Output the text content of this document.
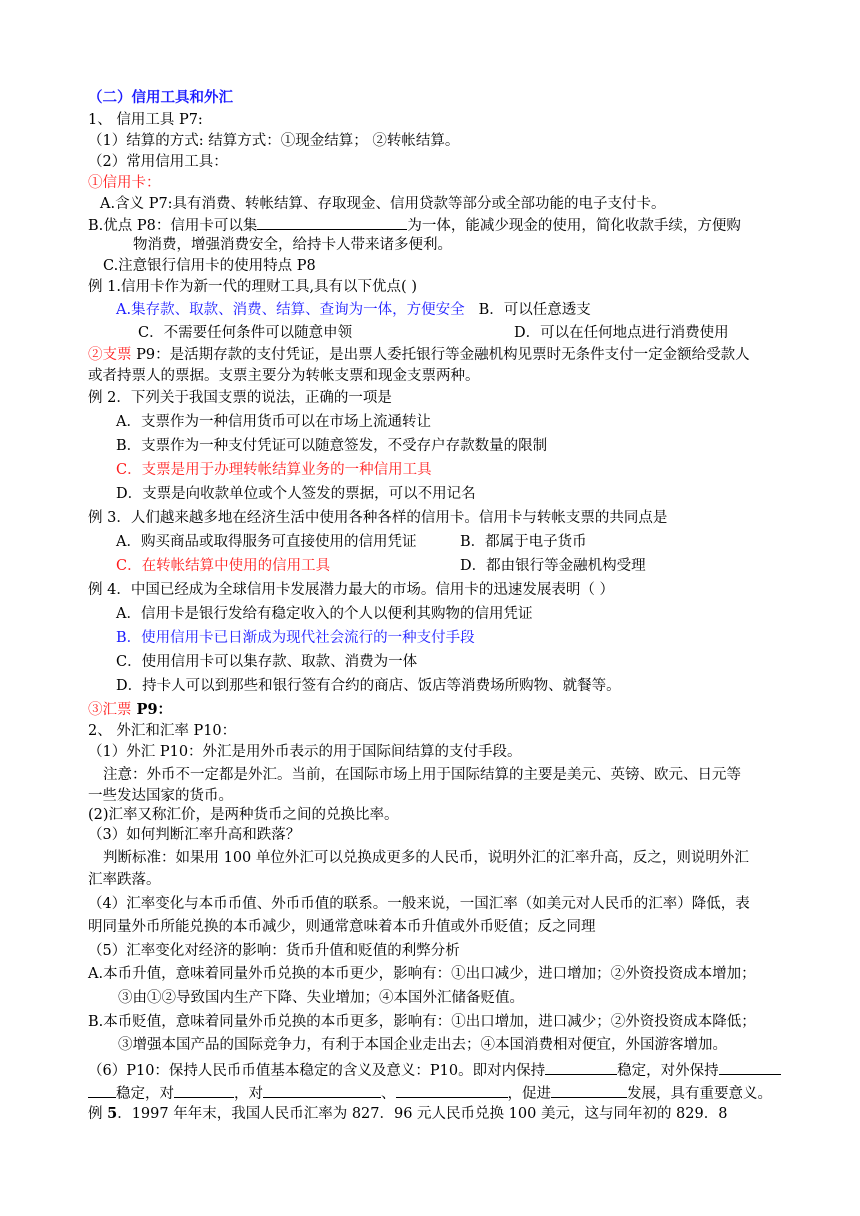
（二）信用工具和外汇
1、 信用工具 P7:
（1）结算的方式: 结算方式：①现金结算； ②转帐结算。
（2）常用信用工具：
①信用卡：
A.含义 P7:具有消费、转帐结算、存取现金、信用贷款等部分或全部功能的电子支付卡。
B.优点 P8：信用卡可以集	为一体，能减少现金的使用，简化收款手续，方便购
物消费，增强消费安全，给持卡人带来诸多便利。
C.注意银行信用卡的使用特点 P8
例 1.信用卡作为新一代的理财工具,具有以下优点( )
A.集存款、取款、消费、结算、查询为一体，方便安全 B．可以任意透支
C．不需要任何条件可以随意申领	D．可以在任何地点进行消费使用
②支票 P9：是活期存款的支付凭证，是出票人委托银行等金融机构见票时无条件支付一定金额给受款人
或者持票人的票据。支票主要分为转帐支票和现金支票两种。
例 2．下列关于我国支票的说法，正确的一项是
A．支票作为一种信用货币可以在市场上流通转让
B．支票作为一种支付凭证可以随意签发，不受存户存款数量的限制
C．支票是用于办理转帐结算业务的一种信用工具
D．支票是向收款单位或个人签发的票据，可以不用记名
例 3．人们越来越多地在经济生活中使用各种各样的信用卡。信用卡与转帐支票的共同点是
A．购买商品或取得服务可直接使用的信用凭证	B．都属于电子货币
C．在转帐结算中使用的信用工具	D．都由银行等金融机构受理
例 4．中国已经成为全球信用卡发展潜力最大的市场。信用卡的迅速发展表明（ ）
A．信用卡是银行发给有稳定收入的个人以便利其购物的信用凭证
B．使用信用卡已日渐成为现代社会流行的一种支付手段
C．使用信用卡可以集存款、取款、消费为一体
D．持卡人可以到那些和银行签有合约的商店、饭店等消费场所购物、就餐等。
③汇票 P9：
2、 外汇和汇率 P10：
（1）外汇 P10：外汇是用外币表示的用于国际间结算的支付手段。
注意：外币不一定都是外汇。当前，在国际市场上用于国际结算的主要是美元、英镑、欧元、日元等
一些发达国家的货币。
(2)汇率又称汇价，是两种货币之间的兑换比率。
（3）如何判断汇率升高和跌落？
判断标准：如果用 100 单位外汇可以兑换成更多的人民币，说明外汇的汇率升高，反之，则说明外汇
汇率跌落。
（4）汇率变化与本币币值、外币币值的联系。一般来说，一国汇率（如美元对人民币的汇率）降低，表
明同量外币所能兑换的本币减少，则通常意味着本币升值或外币贬值；反之同理
（5）汇率变化对经济的影响：货币升值和贬值的利弊分析
A.本币升值，意味着同量外币兑换的本币更少，影响有：①出口减少，进口增加；②外资投资成本增加；
③由①②导致国内生产下降、失业增加；④本国外汇储备贬值。
B.本币贬值，意味着同量外币兑换的本币更多，影响有：①出口增加，进口减少；②外资投资成本降低；
③增强本国产品的国际竞争力，有利于本国企业走出去；④本国消费相对便宜，外国游客增加。
（6）P10：保持人民币币值基本稳定的含义及意义：P10。即对内保持	稳定，对外保持
稳定，对	，对	、	，促进	发展，具有重要意义。
例 5．1997 年年末，我国人民币汇率为 827．96 元人民币兑换 100 美元，这与同年初的 829．8
